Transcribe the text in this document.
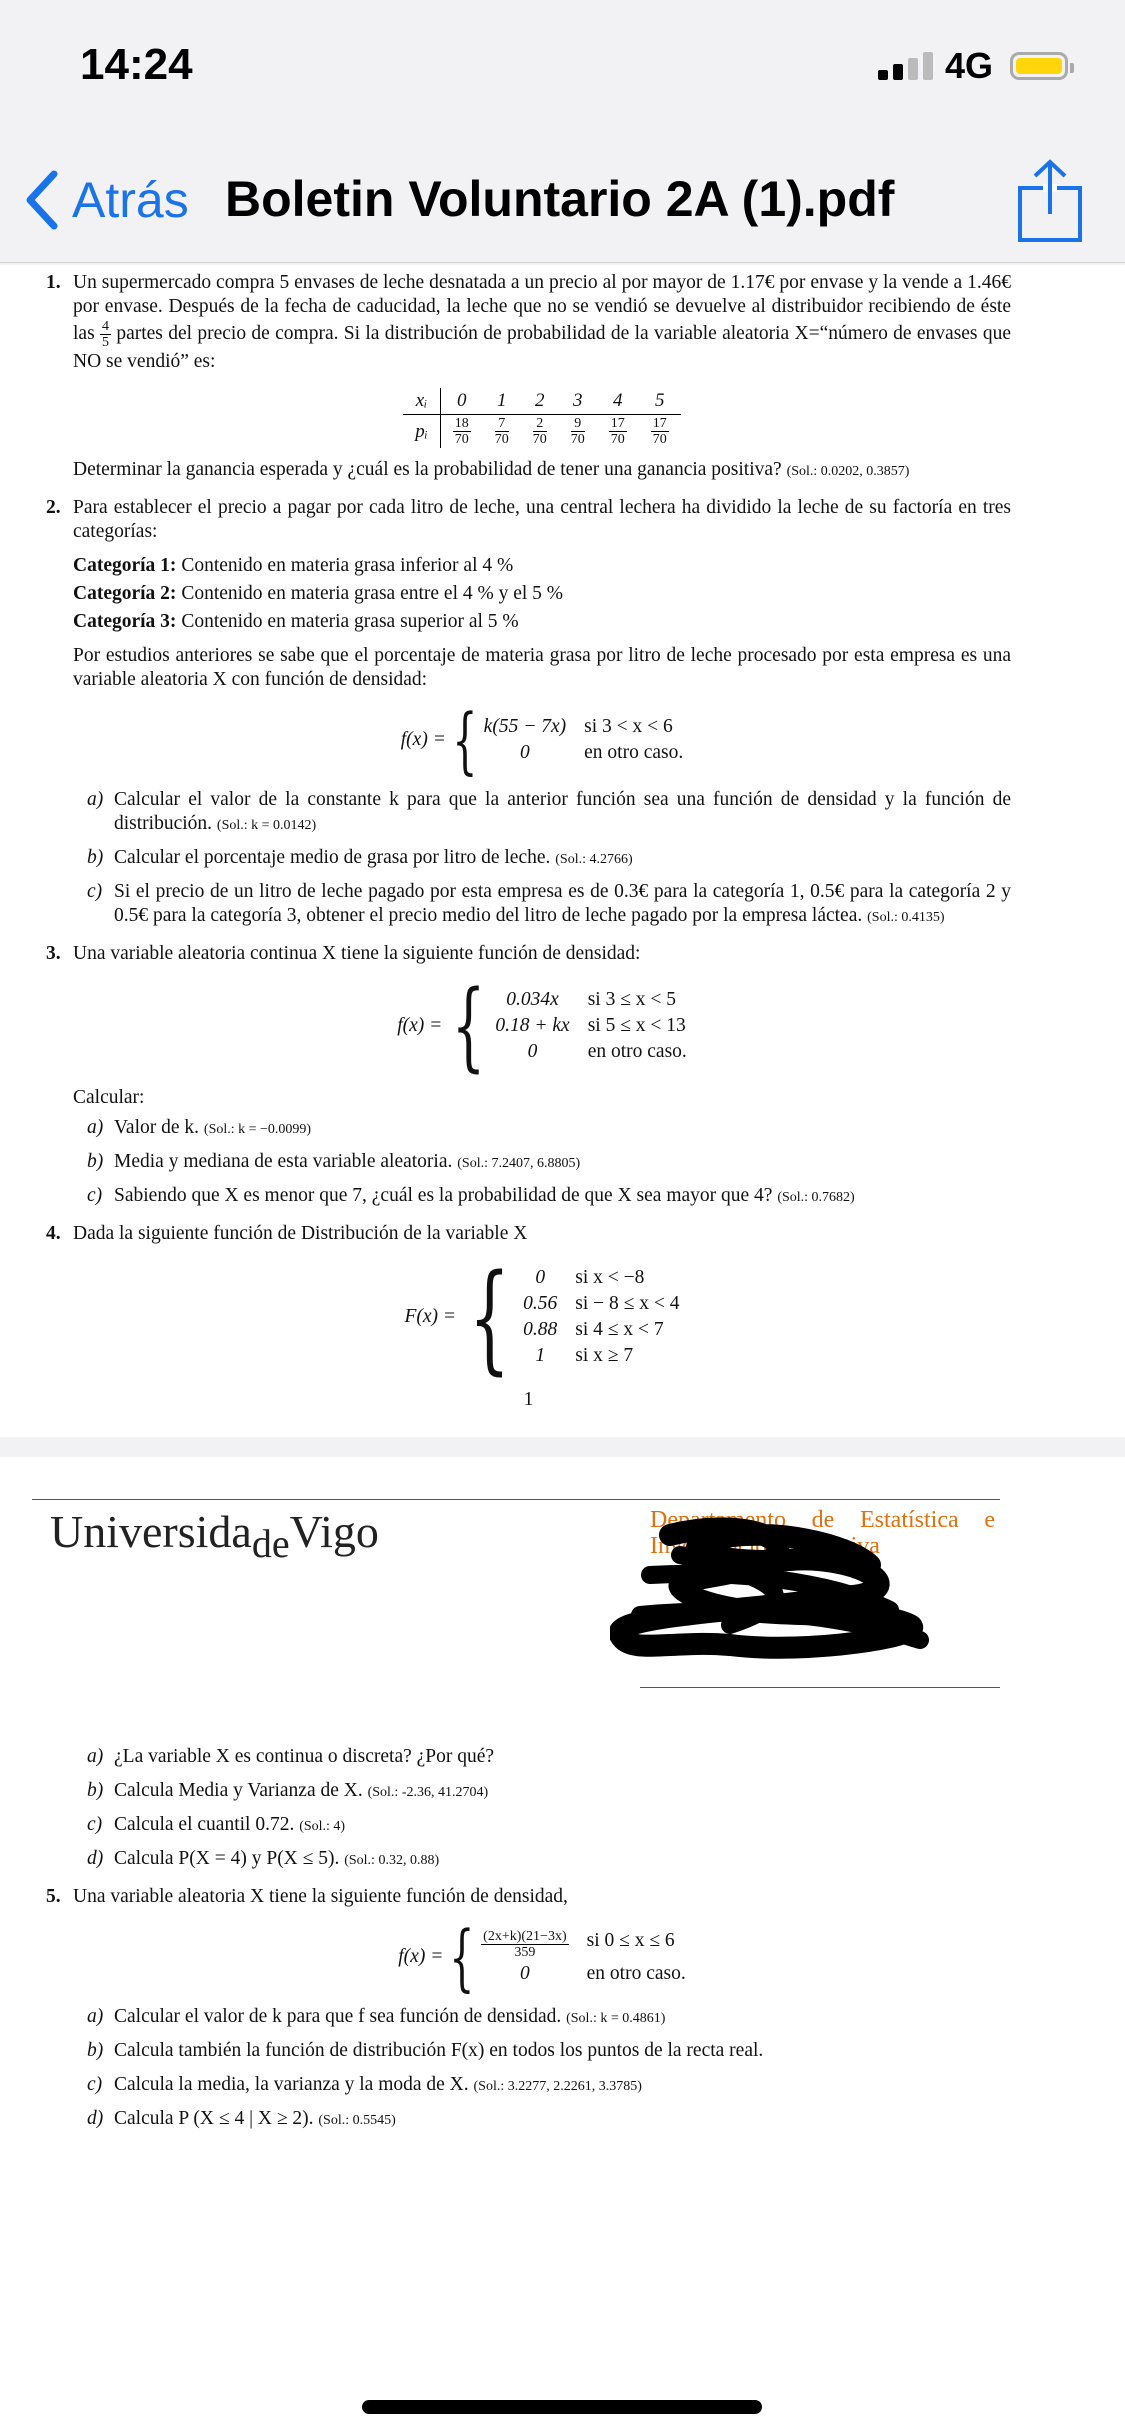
14:24	4G
Atrás Boletin Voluntario 2A (1).pdf
1. Un supermercado compra 5 envases de leche desnatada a un precio al por mayor de 1.17€ por envase y la vende a 1.46€ por envase. Después de la fecha de caducidad, la leche que no se vendió se devuelve al distribuidor recibiendo de éste las $\frac{4}{5}$ partes del precio de compra. Si la distribución de probabilidad de la variable aleatoria X=“número de envases que NO se vendió” es:
xᵢ	0	1	2	3	4	5
pᵢ	$\frac{18}{70}$	$\frac{7}{70}$	$\frac{2}{70}$	$\frac{9}{70}$	$\frac{17}{70}$	$\frac{17}{70}$
Determinar la ganancia esperada y ¿cuál es la probabilidad de tener una ganancia positiva? (Sol.: 0.0202, 0.3857)
2. Para establecer el precio a pagar por cada litro de leche, una central lechera ha dividido la leche de su factoría en tres categorías:
Categoría 1: Contenido en materia grasa inferior al 4 %
Categoría 2: Contenido en materia grasa entre el 4 % y el 5 %
Categoría 3: Contenido en materia grasa superior al 5 %
Por estudios anteriores se sabe que el porcentaje de materia grasa por litro de leche procesado por esta empresa es una variable aleatoria X con función de densidad:
f(x) = { k(55 − 7x) si 3 < x < 6
0	en otro caso.
a) Calcular el valor de la constante k para que la anterior función sea una función de densidad y la función de distribución. (Sol.: k = 0.0142)
b) Calcular el porcentaje medio de grasa por litro de leche. (Sol.: 4.2766)
c) Si el precio de un litro de leche pagado por esta empresa es de 0.3€ para la categoría 1, 0.5€ para la categoría 2 y 0.5€ para la categoría 3, obtener el precio medio del litro de leche pagado por la empresa láctea. (Sol.: 0.4135)
3. Una variable aleatoria continua X tiene la siguiente función de densidad:
f(x) = {	0.034x	si 3 ≤ x < 5
0.18 + kx si 5 ≤ x < 13
0	en otro caso.
Calcular:
a) Valor de k. (Sol.: k = −0.0099)
b) Media y mediana de esta variable aleatoria. (Sol.: 7.2407, 6.8805)
c) Sabiendo que X es menor que 7, ¿cuál es la probabilidad de que X sea mayor que 4? (Sol.: 0.7682)
4. Dada la siguiente función de Distribución de la variable X
F(x) = {	0	si x < −8
0.56 si − 8 ≤ x < 4
0.88 si 4 ≤ x < 7
1	si x ≥ 7
1
Universida$_{de}$Vigo	Departamento de Estatística e Investigación Operativa
a) ¿La variable X es continua o discreta? ¿Por qué?
b) Calcula Media y Varianza de X. (Sol.: -2.36, 41.2704)
c) Calcula el cuantil 0.72. (Sol.: 4)
d) Calcula P(X = 4) y P(X ≤ 5). (Sol.: 0.32, 0.88)
5. Una variable aleatoria X tiene la siguiente función de densidad,
f(x) = { $\frac{(2x+k)(21-3x)}{359}$ si 0 ≤ x ≤ 6
0	en otro caso.
a) Calcular el valor de k para que f sea función de densidad. (Sol.: k = 0.4861)
b) Calcula también la función de distribución F(x) en todos los puntos de la recta real.
c) Calcula la media, la varianza y la moda de X. (Sol.: 3.2277, 2.2261, 3.3785)
d) Calcula P (X ≤ 4 | X ≥ 2). (Sol.: 0.5545)
